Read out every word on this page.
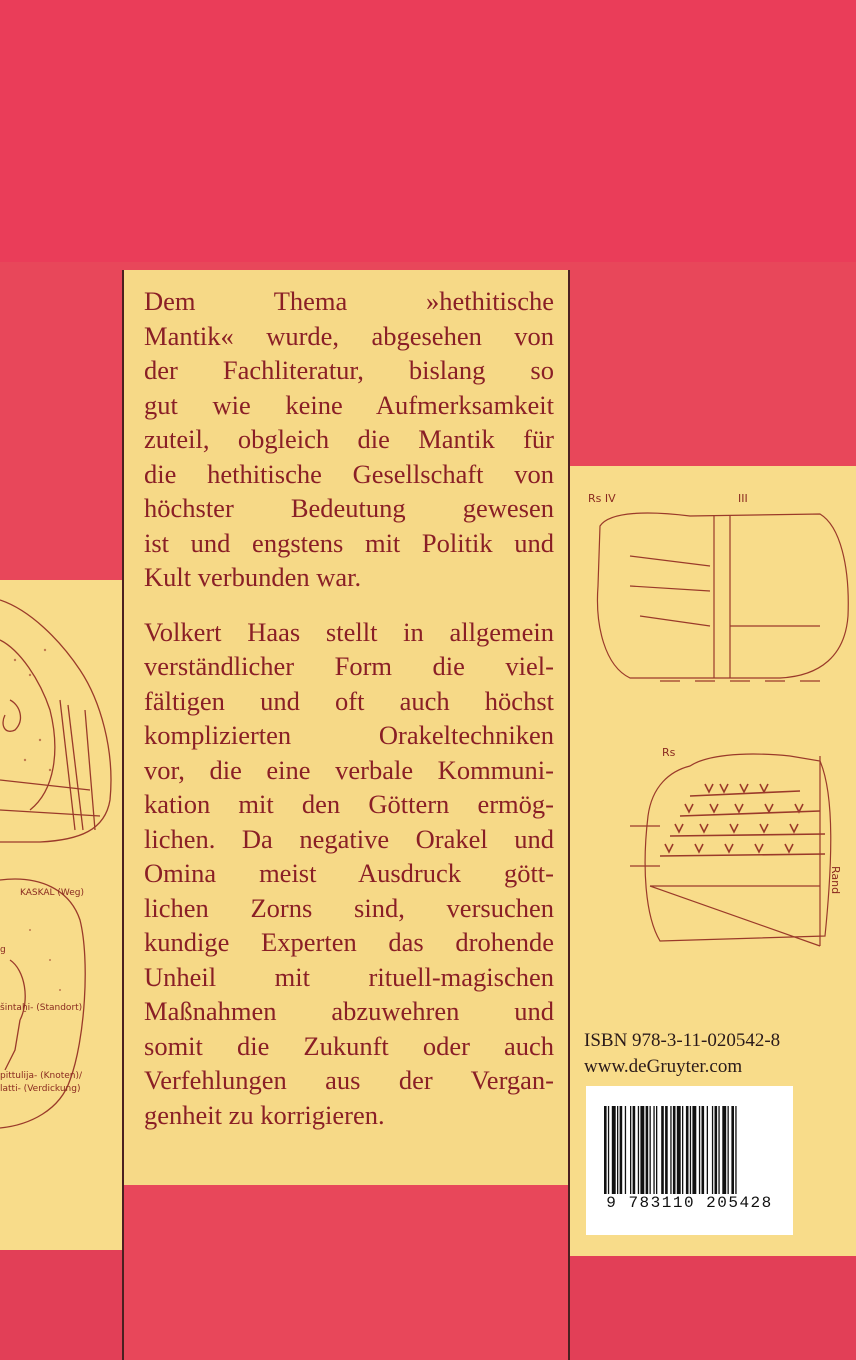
KASKAL (Weg)
g
šintaḫi- (Standort)
pittulija- (Knoten)/
latti- (Verdickung)
Rs IV	III
Rs
Rand
ISBN 978-3-11-020542-8
www.deGruyter.com
9 783110 205428

Dem Thema »hethitische
Mantik« wurde, abgesehen von
der Fachliteratur, bislang so
gut wie keine Aufmerksamkeit
zuteil, obgleich die Mantik für
die hethitische Gesellschaft von
höchster Bedeutung gewesen
ist und engstens mit Politik und
Kult verbunden war.

Volkert Haas stellt in allgemein
verständlicher Form die viel-
fältigen und oft auch höchst
komplizierten Orakeltechniken
vor, die eine verbale Kommuni-
kation mit den Göttern ermög-
lichen. Da negative Orakel und
Omina meist Ausdruck gött-
lichen Zorns sind, versuchen
kundige Experten das drohende
Unheil mit rituell-magischen
Maßnahmen abzuwehren und
somit die Zukunft oder auch
Verfehlungen aus der Vergan-
genheit zu korrigieren.
